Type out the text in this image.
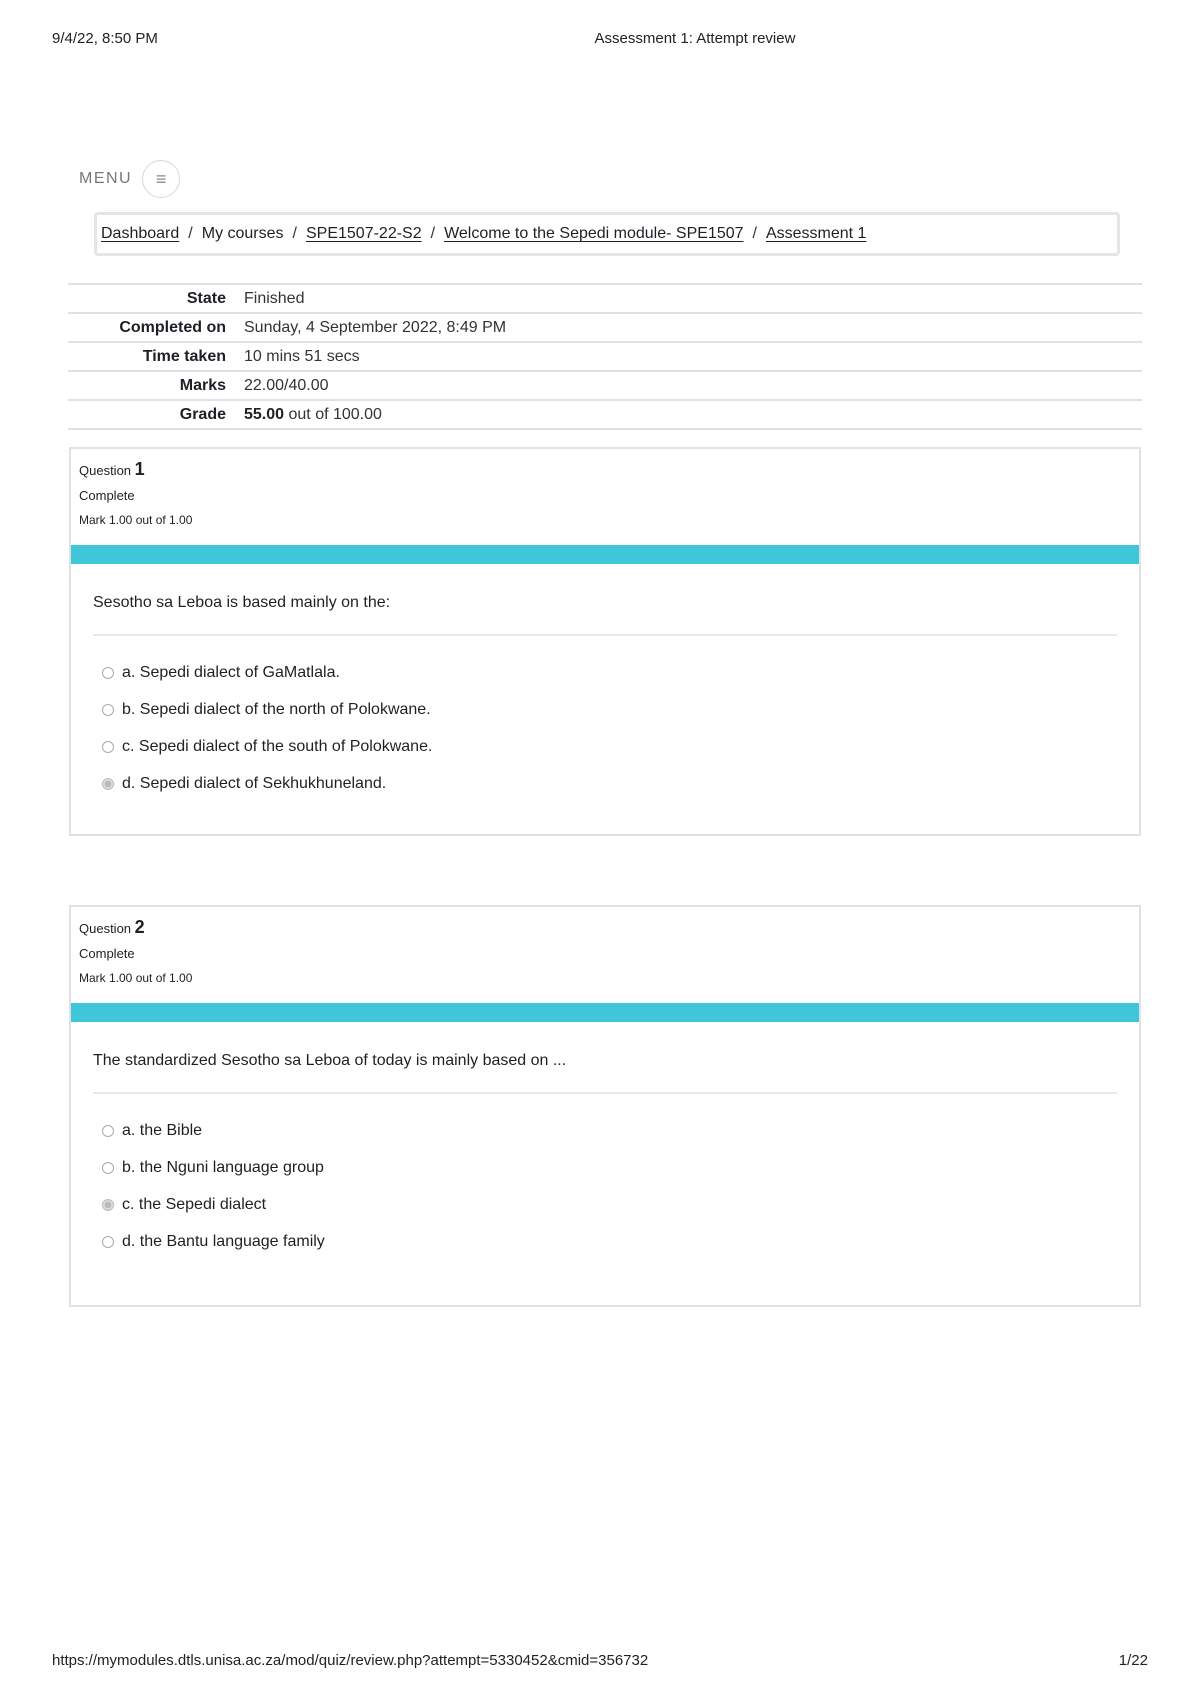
9/4/22, 8:50 PM	Assessment 1: Attempt review
MENU	≡
Dashboard / My courses / SPE1507-22-S2 / Welcome to the Sepedi module- SPE1507 / Assessment 1
State	Finished
Completed on	Sunday, 4 September 2022, 8:49 PM
Time taken	10 mins 51 secs
Marks	22.00/40.00
Grade	55.00 out of 100.00
Question 1
Complete
Mark 1.00 out of 1.00
Sesotho sa Leboa is based mainly on the:
a. Sepedi dialect of GaMatlala.
b. Sepedi dialect of the north of Polokwane.
c. Sepedi dialect of the south of Polokwane.
d. Sepedi dialect of Sekhukhuneland.
Question 2
Complete
Mark 1.00 out of 1.00
The standardized Sesotho sa Leboa of today is mainly based on ...
a. the Bible
b. the Nguni language group
c. the Sepedi dialect
d. the Bantu language family
https://mymodules.dtls.unisa.ac.za/mod/quiz/review.php?attempt=5330452&cmid=356732	1/22
